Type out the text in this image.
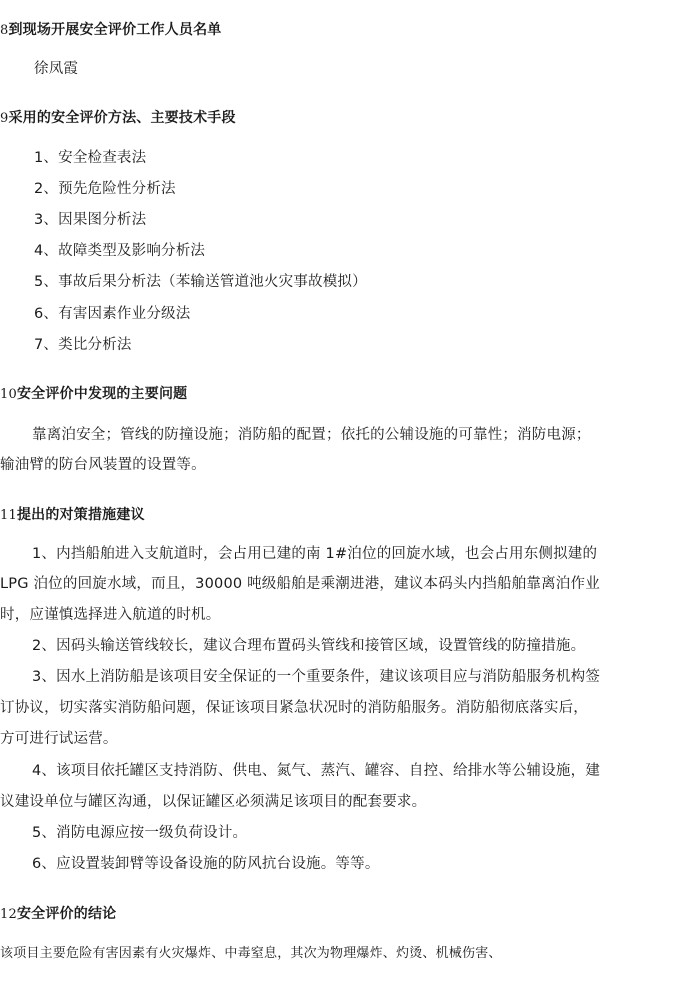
8到现场开展安全评价工作人员名单
徐凤霞
9采用的安全评价方法、主要技术手段
1、安全检查表法
2、预先危险性分析法
3、因果图分析法
4、故障类型及影响分析法
5、事故后果分析法（苯输送管道池火灾事故模拟）
6、有害因素作业分级法
7、类比分析法
10安全评价中发现的主要问题
靠离泊安全；管线的防撞设施；消防船的配置；依托的公辅设施的可靠性；消防电源；
输油臂的防台风装置的设置等。
11提出的对策措施建议
1、内挡船舶进入支航道时，会占用已建的南 1#泊位的回旋水域，也会占用东侧拟建的
LPG 泊位的回旋水域，而且，30000 吨级船舶是乘潮进港，建议本码头内挡船舶靠离泊作业
时，应谨慎选择进入航道的时机。
2、因码头输送管线较长，建议合理布置码头管线和接管区域，设置管线的防撞措施。
3、因水上消防船是该项目安全保证的一个重要条件，建议该项目应与消防船服务机构签
订协议，切实落实消防船问题，保证该项目紧急状况时的消防船服务。消防船彻底落实后，
方可进行试运营。
4、该项目依托罐区支持消防、供电、氮气、蒸汽、罐容、自控、给排水等公辅设施，建
议建设单位与罐区沟通，以保证罐区必须满足该项目的配套要求。
5、消防电源应按一级负荷设计。
6、应设置装卸臂等设备设施的防风抗台设施。等等。
12安全评价的结论
该项目主要危险有害因素有火灾爆炸、中毒窒息，其次为物理爆炸、灼烫、机械伤害、
